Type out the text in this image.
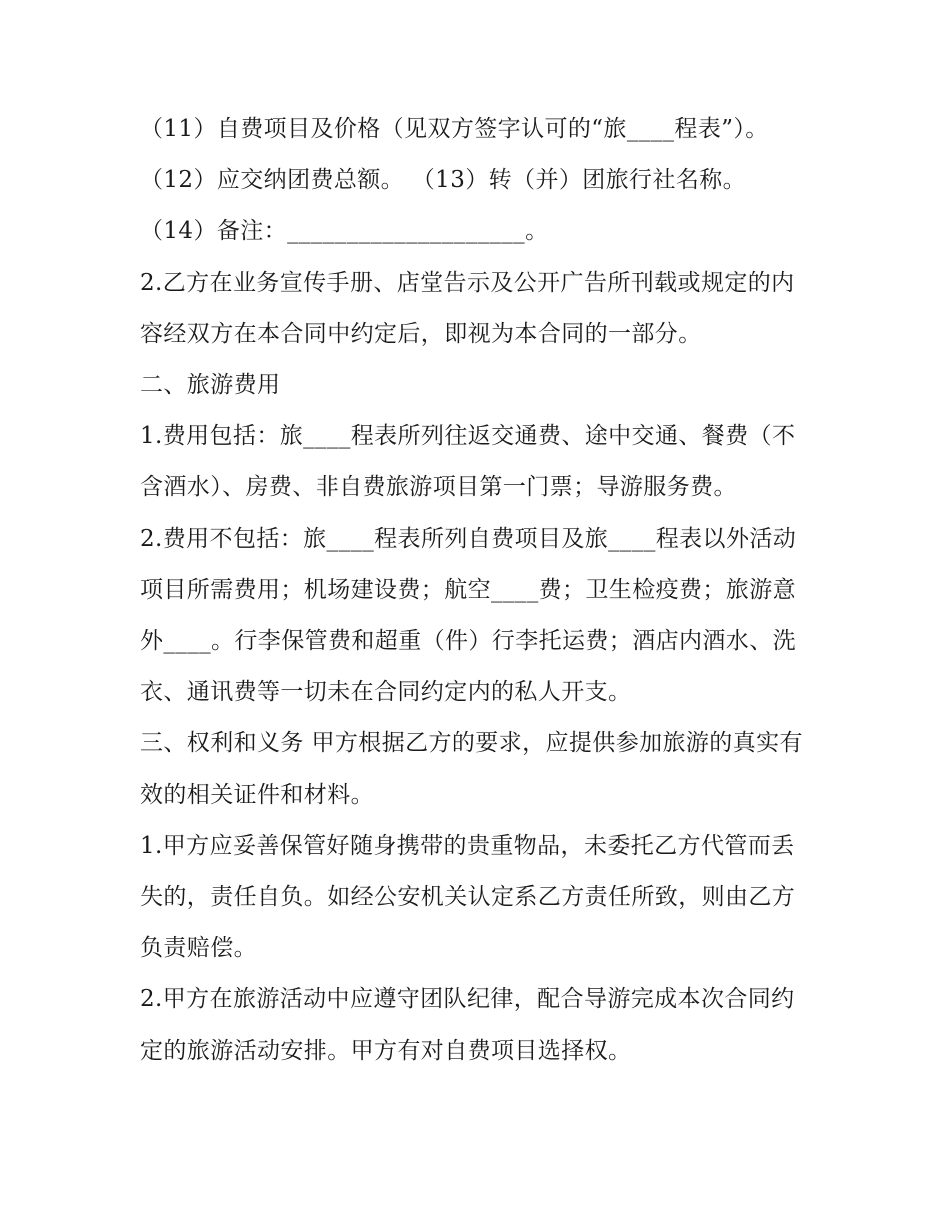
（11）自费项目及价格（见双方签字认可的“旅____程表”）。

（12）应交纳团费总额。 （13）转（并）团旅行社名称。

（14）备注：____________________。

2.乙方在业务宣传手册、店堂告示及公开广告所刊载或规定的内容经双方在本合同中约定后，即视为本合同的一部分。

二、旅游费用

1.费用包括：旅____程表所列往返交通费、途中交通、餐费（不含酒水）、房费、非自费旅游项目第一门票；导游服务费。

2.费用不包括：旅____程表所列自费项目及旅____程表以外活动项目所需费用；机场建设费；航空____费；卫生检疫费；旅游意外____。行李保管费和超重（件）行李托运费；酒店内酒水、洗衣、通讯费等一切未在合同约定内的私人开支。

三、权利和义务 甲方根据乙方的要求，应提供参加旅游的真实有效的相关证件和材料。

1.甲方应妥善保管好随身携带的贵重物品，未委托乙方代管而丢失的，责任自负。如经公安机关认定系乙方责任所致，则由乙方负责赔偿。

2.甲方在旅游活动中应遵守团队纪律，配合导游完成本次合同约定的旅游活动安排。甲方有对自费项目选择权。
